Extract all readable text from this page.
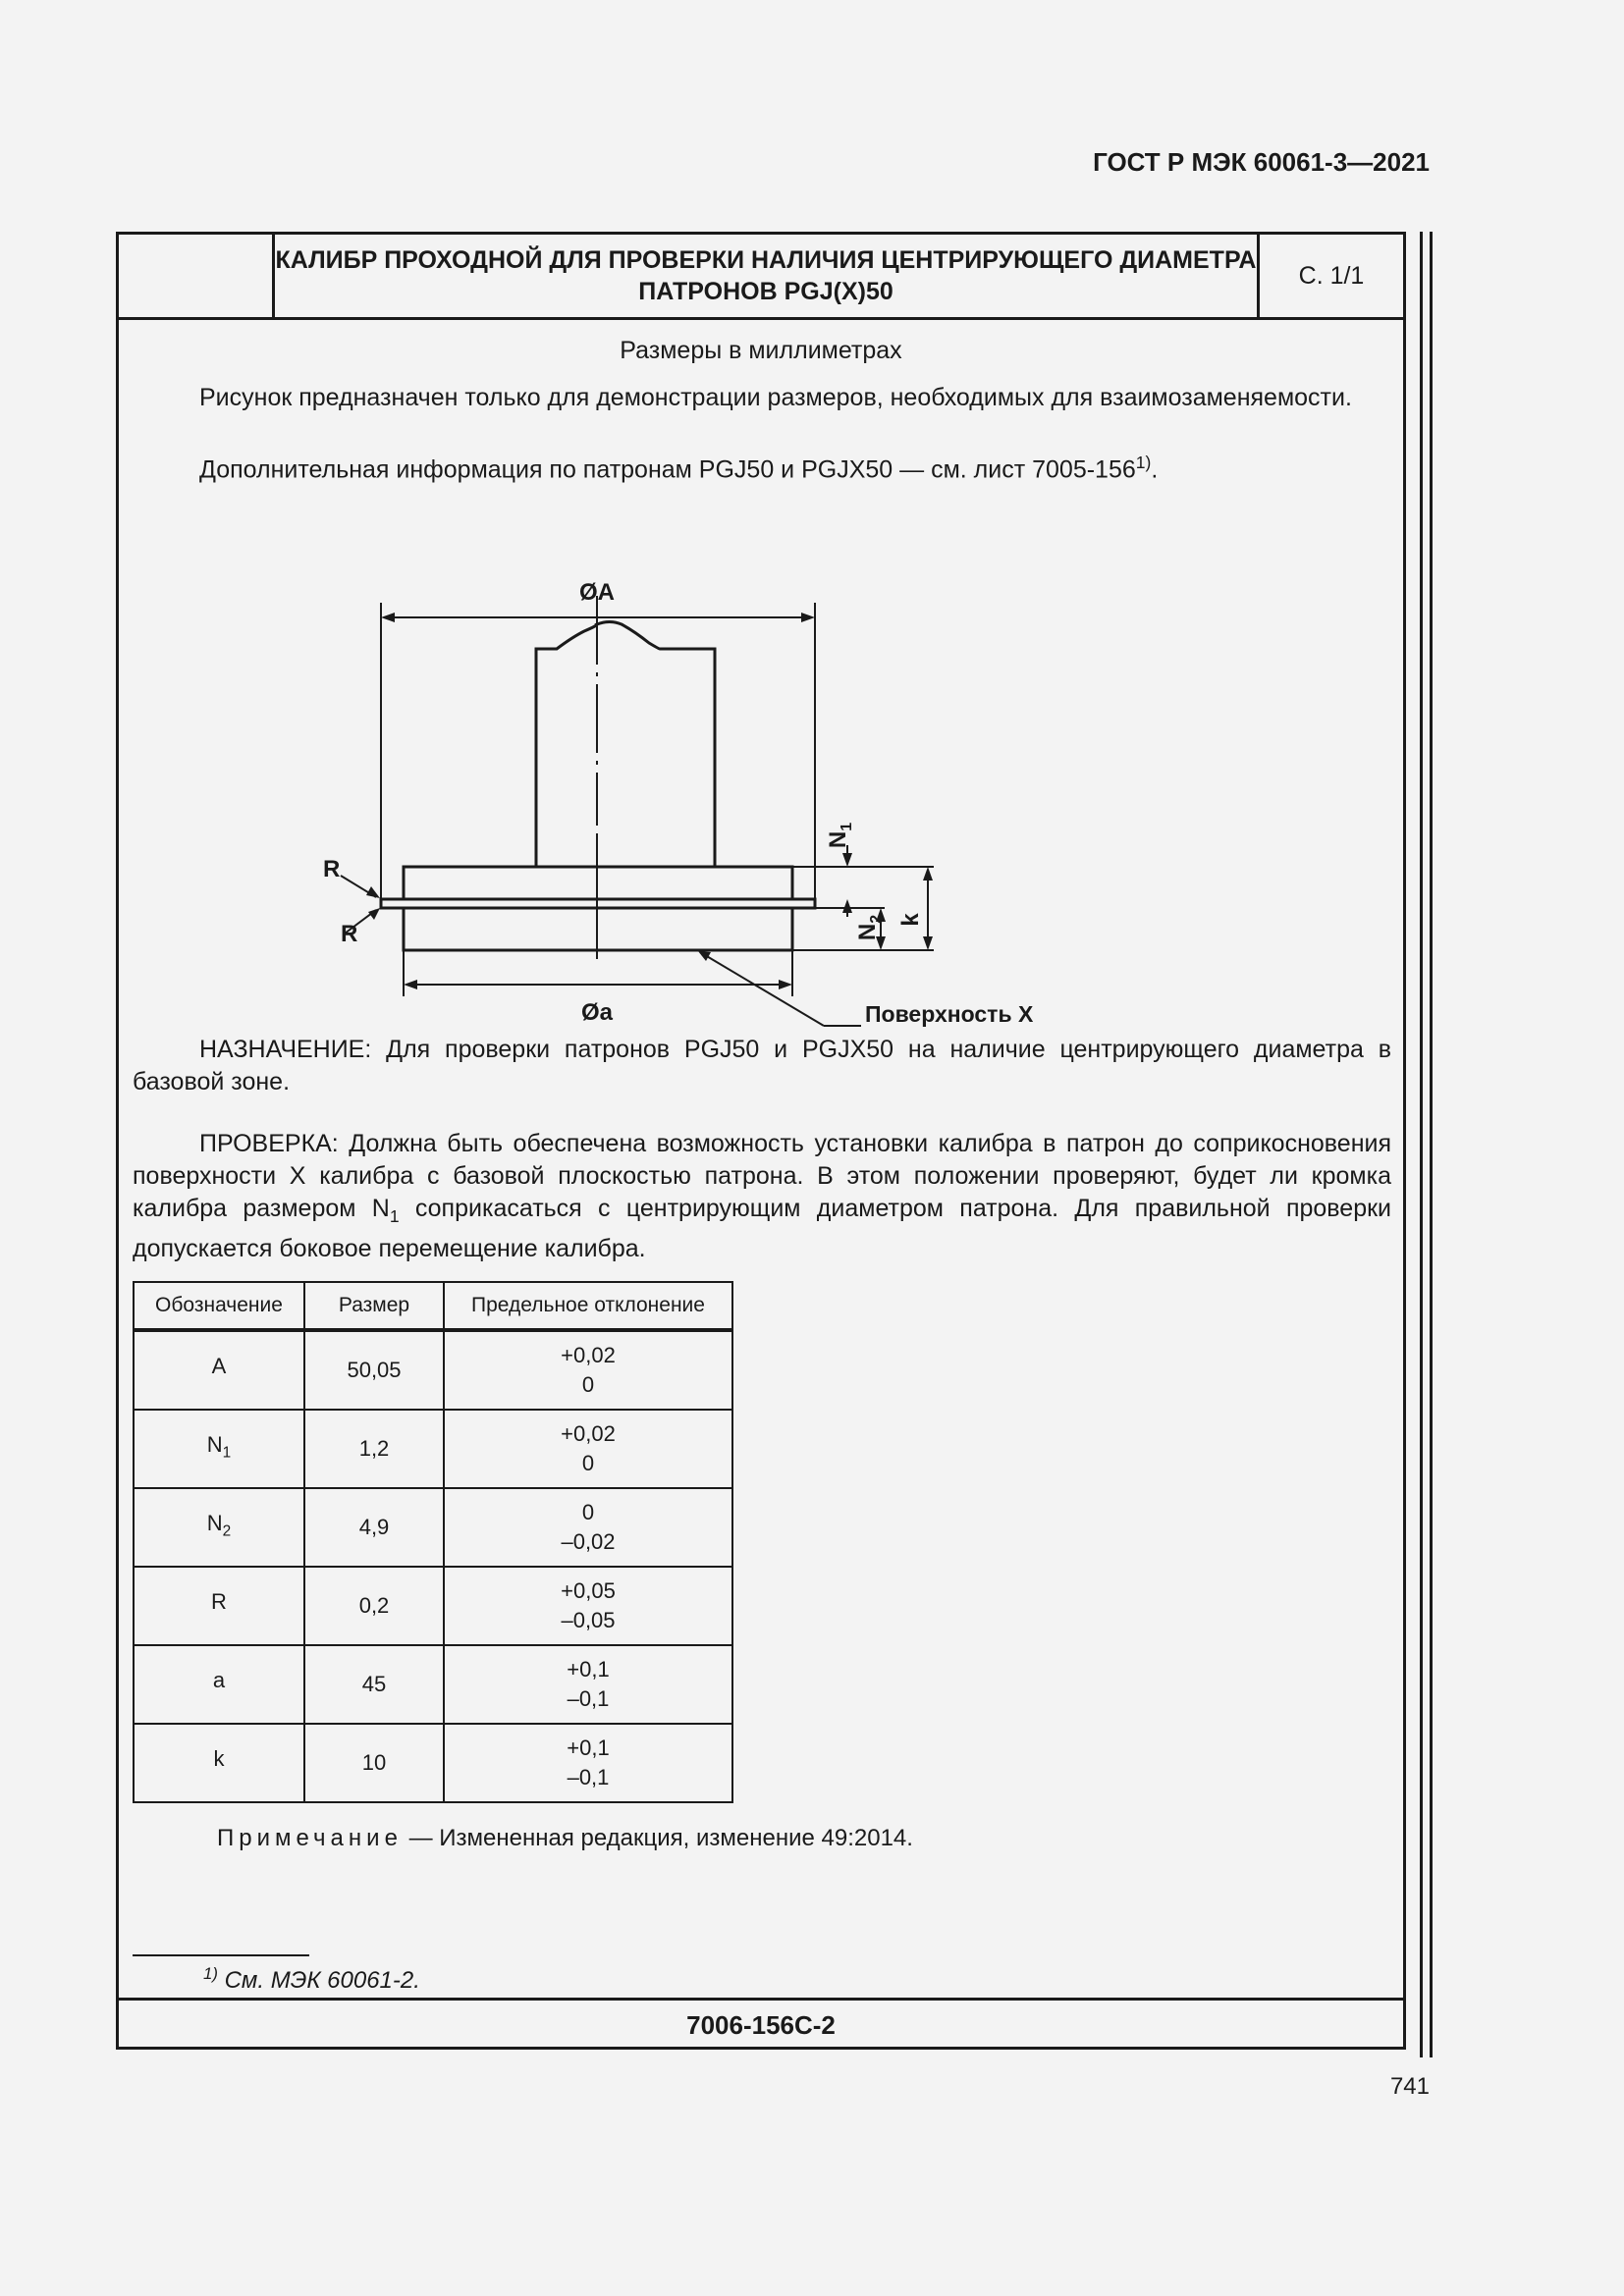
ГОСТ Р МЭК 60061-3—2021
КАЛИБР ПРОХОДНОЙ ДЛЯ ПРОВЕРКИ НАЛИЧИЯ ЦЕНТРИРУЮЩЕГО ДИАМЕТРА ПАТРОНОВ PGJ(X)50
С. 1/1
Размеры в миллиметрах
Рисунок предназначен только для демонстрации размеров, необходимых для взаимозаменяемости.
Дополнительная информация по патронам PGJ50 и PGJX50 — см. лист 7005-156$^{1)}$.
ØA
Øa
R
R
k
$N_1$
$N_2$
Поверхность X
НАЗНАЧЕНИЕ: Для проверки патронов PGJ50 и PGJX50 на наличие центрирующего диаметра в базовой зоне.
ПРОВЕРКА: Должна быть обеспечена возможность установки калибра в патрон до соприкосновения поверхности X калибра с базовой плоскостью патрона. В этом положении проверяют, будет ли кромка калибра размером $N_1$ соприкасаться с центрирующим диаметром патрона. Для правильной проверки допускается боковое перемещение калибра.
Обозначение	Размер	Предельное отклонение
A	50,05	+0,02
0

$N_1$	1,2	+0,02
0

$N_2$	4,9	0
–0,02

R	0,2	+0,05
–0,05

a	45	+0,1
–0,1

k	10	+0,1
–0,1
Примечание — Измененная редакция, изменение 49:2014.
$^{1)}$ См. МЭК 60061-2.
7006-156C-2
741
